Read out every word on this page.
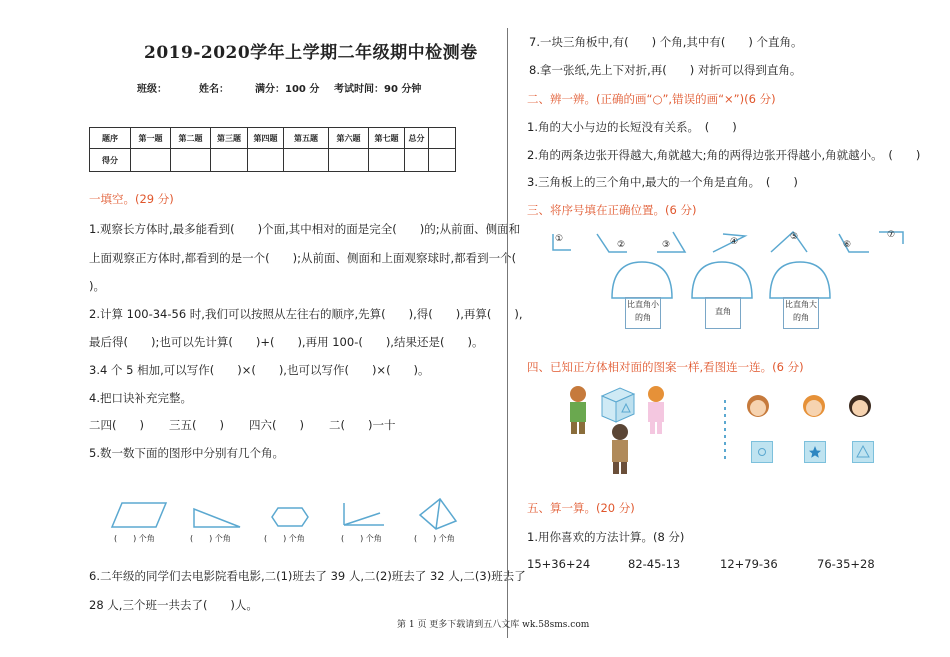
2019-2020学年上学期二年级期中检测卷
班级：	姓名：	满分：100 分 考试时间：90 分钟
题序	第一题	第二题	第三题	第四题	第五题	第六题	第七题	总分	
得分									
一填空。(29 分)
1.观察长方体时,最多能看到(　　)个面,其中相对的面是完全(　　)的;从前面、侧面和
上面观察正方体时,都看到的是一个(　　);从前面、侧面和上面观察球时,都看到一个(
)。
2.计算 100-34-56 时,我们可以按照从左往右的顺序,先算(　　),得(　　),再算(　　),
最后得(　　);也可以先计算(　　)+(　　),再用 100-(　　),结果还是(　　)。
3.4 个 5 相加,可以写作(　　)×(　　),也可以写作(　　)×(　　)。
4.把口诀补充完整。
二四(　　) 三五(　　) 四六(　　) 二(　　)一十
5.数一数下面的图形中分别有几个角。
(　　) 个角	(　　) 个角	(　　) 个角	(　　) 个角	(　　) 个角
6.二年级的同学们去电影院看电影,二(1)班去了 39 人,二(2)班去了 32 人,二(3)班去了
28 人,三个班一共去了(　　)人。
7.一块三角板中,有(　　) 个角,其中有(　　) 个直角。
8.拿一张纸,先上下对折,再(　　) 对折可以得到直角。
二、辨一辨。(正确的画“○”,错误的画“×”)(6 分)
1.角的大小与边的长短没有关系。　(　　)
2.角的两条边张开得越大,角就越大;角的两得边张开得越小,角就越小。　(　　)
3.三角板上的三个角中,最大的一个角是直角。　(　　)
三、将序号填在正确位置。(6 分)
①
②	③	④	⑤
⑥
⑦
比直角小的角
直角
比直角大的角
四、已知正方体相对面的图案一样,看图连一连。(6 分)
五、算一算。(20 分)
1.用你喜欢的方法计算。(8 分)
15+36+24	82-45-13	12+79-36	76-35+28
第 1 页 更多下载请到五八文库 wk.58sms.com
